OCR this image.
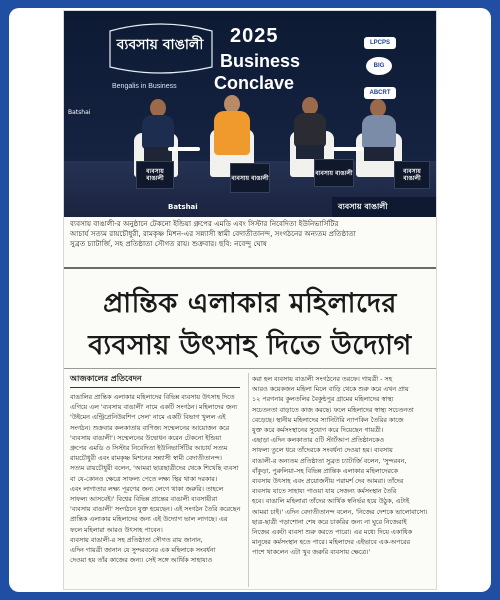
ব্যবসায় বাঙালী
Bengalis in Business
2025
Business
Conclave
BIG
LPCPS
ABCRT
ব্যবসায় বাঙালী	ব্যবসায় বাঙালী
ব্যবসায় বাঙালী	ব্যবসায় বাঙালী
Batshai
Batshai	ব্যবসায় বাঙালী
ব্যবসায় বাঙালী-র অনুষ্ঠানে টেকনো ইন্ডিয়া গ্রুপের এমডি এবং সিস্টার নিবেদিতা ইউনিভার্সিটির
আচার্য সত্যম রায়চৌধুরী, রামকৃষ্ণ মিশন-এর সন্ন্যাসী স্বামী বেদাতীতানন্দ, সংগঠনের অন্যতম প্রতিষ্ঠাতা
সুব্রত চ্যাটার্জি, সহ প্রতিষ্ঠাতা সৌগত রায়। শুক্রবার। ছবি: নবেন্দু ঘোষ
প্রান্তিক এলাকার মহিলাদের
ব্যবসায় উৎসাহ দিতে উদ্যোগ
আজকালের প্রতিবেদন
বাঙালির প্রান্তিক এলাকার মহিলাদের বিভিন্ন ব্যবসায় উৎসাহ দিতে
এগিয়ে এল 'ব্যবসায় বাঙালী' নামে একটি সংগঠন। মহিলাদের জন্য
'উইমেন এন্ট্রিপ্রেনিউরশিপ সেল' নামে একটি বিভাগ খুলল এই
সংগঠন। শুক্রবার কলকাতায় বাণিজ্য সম্মেলনের আয়োজন করে
'ব্যবসায় বাঙালী'। সম্মেলনের উদ্বোধন করেন টেকনো ইন্ডিয়া
গ্রুপের এমডি ও সিস্টার নিবেদিতা ইউনিভার্সিটির আচার্য সত্যম
রায়চৌধুরী এবং রামকৃষ্ণ মিশনের সন্ন্যাসী স্বামী বেদাতীতানন্দ।
সত্যম রায়চৌধুরী বলেন, 'আমরা ছাত্রছাত্রীদের থেকে শিখেছি ব্যবসা
বা যে-কোনও ক্ষেত্রে সাফল্য পেতে লক্ষ্য স্থির থাকা দরকার।
এবং লাগাতার লক্ষ্য পূরণের জন্য লেগে থাকা জরুরি। তাহলে
সাফল্য আসবেই।' বিশ্বের বিভিন্ন প্রান্তের বাঙালী ব্যবসায়ীরা
'ব্যবসায় বাঙালী' সংগঠনে যুক্ত হয়েছেন। এই সংগঠন তৈরি করেছেন
প্রান্তিক এলাকার মহিলাদের জন্য এই উদ্যোগ ভাল লাগছে। এর
ফলে মহিলারা আরও উৎসাহ পাবেন।
ব্যবসায় বাঙালী-র সহ প্রতিষ্ঠাতা সৌগত রায় জানান,
এদিন গায়ত্রী জানান যে সুন্দরবনের এক মহিলাকে সংবর্ধনা
দেওয়া হয় তাঁর কাজের জন্য। সেই সঙ্গে আর্থিক সাহায্যও
করা হল ব্যবসায় বাঙালী সংগঠনের তরফে। গায়ত্রী - সহ
আরও কয়েকজন মহিলা মিলে বাড়ি থেকে শুরু করে এখন প্রায়
১২ পরগনার কুলতলির বৈকুন্ঠপুর গ্রামের মহিলাদের স্বাস্থ্য
সচেতনতা বাড়াতে কাজ করছে। ফলে মহিলাদের স্বাস্থ্য সচেতনতা
বেড়েছে। স্থানীয় মহিলাদের স্যানিটারি ন্যাপকিন তৈরির কাজে
যুক্ত করে কর্মসংস্থানের সুযোগ করে দিয়েছেন গায়ত্রী।
এছাড়া এদিন কলকাতার ৫টি স্টার্টআপ প্রতিষ্ঠানকেও
সাফল্য তুলে ধরে তাঁদেরকে সংবর্ধনা দেওয়া হয়। ব্যবসায়
বাঙালী-র অন্যতম প্রতিষ্ঠাতা সুব্রত চ্যাটার্জি বলেন, 'সুন্দরবন,
বাঁকুড়া, পুরুলিয়া-সহ বিভিন্ন প্রান্তিক এলাকার মহিলাদেরকে
ব্যবসায় উৎসাহ এবং প্রয়োজনীয় পরামর্শ দেব আমরা। তাঁদের
ব্যবসায় যাতে সাহায্য পাওয়া যায় সেজন্য কর্মসংস্থান তৈরি
হবে। বাঙালি মহিলারা তাঁদের আর্থিক স্বনির্ভর হয়ে উঠুক, এটাই
আমরা চাই।' এদিন বেদাতীতানন্দ বলেন, 'নিজের দেশকে ভালোবাসো।
ছাত্র-ছাত্রী পড়াশোনা শেষ করে চাকরির জন্য না ঘুরে নিজেরাই
নিজের একটা ব্যবসা শুরু করতে পারো। এর মধ্যে দিয়ে একাধিক
মানুষের কর্মসংস্থান হতে পারে। মহিলাদের এইভাবে এক-অপরের
পাশে থাকলেন এটা খুব জরুরি ব্যবসায় ক্ষেত্রে।'
